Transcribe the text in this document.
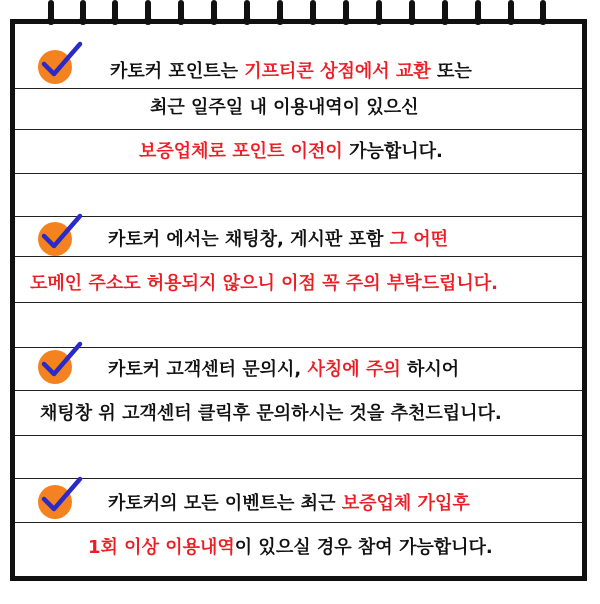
카토커 포인트는 기프티콘 상점에서 교환 또는
최근 일주일 내 이용내역이 있으신
보증업체로 포인트 이전이 가능합니다.
카토커 에서는 채팅창, 게시판 포함 그 어떤
도메인 주소도 허용되지 않으니 이점 꼭 주의 부탁드립니다.
카토커 고객센터 문의시, 사칭에 주의 하시어
채팅창 위 고객센터 클릭후 문의하시는 것을 추천드립니다.
카토커의 모든 이벤트는 최근 보증업체 가입후
1회 이상 이용내역이 있으실 경우 참여 가능합니다.
